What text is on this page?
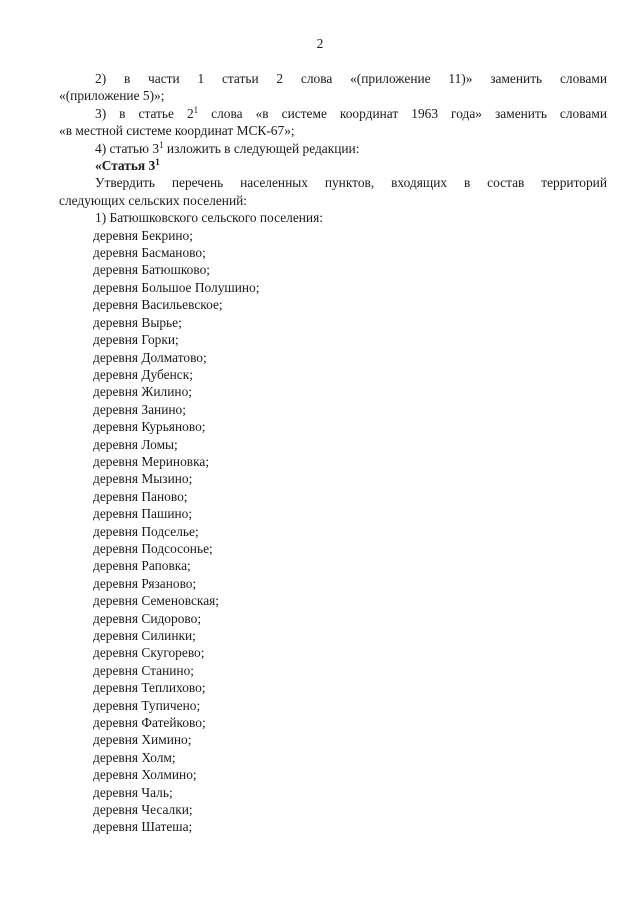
2

2) в части 1 статьи 2 слова «(приложение 11)» заменить словами

«(приложение 5)»;

3) в статье $2^1$ слова «в системе координат 1963 года» заменить словами

«в местной системе координат МСК-67»;

4) статью $3^1$ изложить в следующей редакции:

«Статья $3^1$

Утвердить перечень населенных пунктов, входящих в состав территорий

следующих сельских поселений:

1) Батюшковского сельского поселения:

деревня Бекрино;
деревня Басманово;
деревня Батюшково;
деревня Большое Полушино;
деревня Васильевское;
деревня Вырье;
деревня Горки;
деревня Долматово;
деревня Дубенск;
деревня Жилино;
деревня Занино;
деревня Курьяново;
деревня Ломы;
деревня Мериновка;
деревня Мызино;
деревня Паново;
деревня Пашино;
деревня Подселье;
деревня Подсосонье;
деревня Раповка;
деревня Рязаново;
деревня Семеновская;
деревня Сидорово;
деревня Силинки;
деревня Скугорево;
деревня Станино;
деревня Теплихово;
деревня Тупичено;
деревня Фатейково;
деревня Химино;
деревня Холм;
деревня Холмино;
деревня Чаль;
деревня Чесалки;
деревня Шатеша;
